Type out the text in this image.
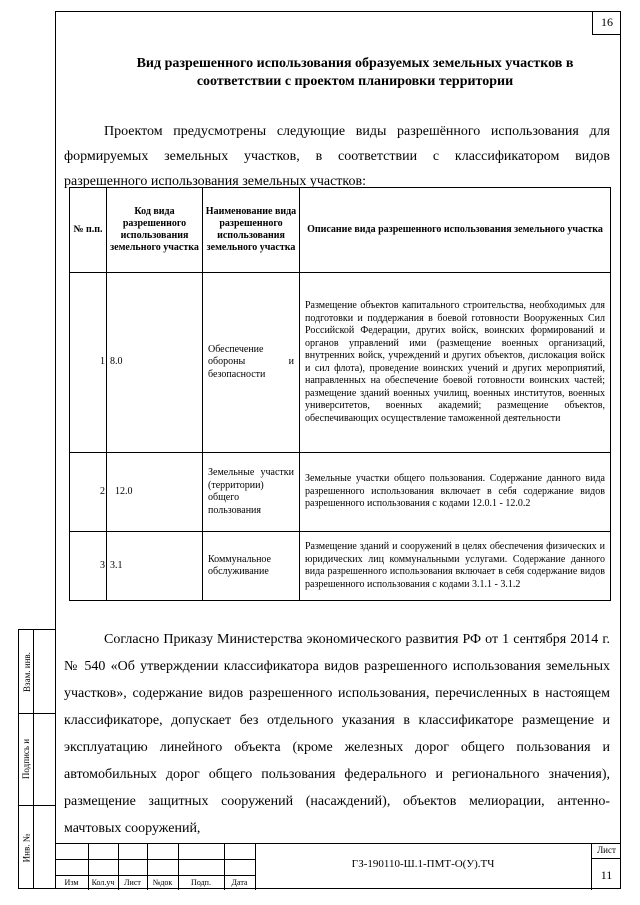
16
Вид разрешенного использования образуемых земельных участков в соответствии с проектом планировки территории

Проектом предусмотрены следующие виды разрешённого использования для формируемых земельных участков, в соответствии с классификатором видов разрешенного использования земельных участков:

№ п.п.	Код вида разрешенного использования земельного участка	Наименование вида разрешенного использования земельного участка	Описание вида разрешенного использования земельного участка
1	8.0	Обеспечение обороны и безопасности	Размещение объектов капитального строительства, необходимых для подготовки и поддержания в боевой готовности Вооруженных Сил Российской Федерации, других войск, воинских формирований и органов управлений ими (размещение военных организаций, внутренних войск, учреждений и других объектов, дислокация войск и сил флота), проведение воинских учений и других мероприятий, направленных на обеспечение боевой готовности воинских частей; размещение зданий военных училищ, военных институтов, военных университетов, военных академий; размещение объектов, обеспечивающих осуществление таможенной деятельности
2	12.0	Земельные участки (территории) общего пользования	Земельные участки общего пользования. Содержание данного вида разрешенного использования включает в себя содержание видов разрешенного использования с кодами 12.0.1 - 12.0.2
3	3.1	Коммунальное обслуживание	Размещение зданий и сооружений в целях обеспечения физических и юридических лиц коммунальными услугами. Содержание данного вида разрешенного использования включает в себя содержание видов разрешенного использования с кодами 3.1.1 - 3.1.2

Согласно Приказу Министерства экономического развития РФ от 1 сентября 2014 г. № 540 «Об утверждении классификатора видов разрешенного использования земельных участков», содержание видов разрешенного использования, перечисленных в настоящем классификаторе, допускает без отдельного указания в классификаторе размещение и эксплуатацию линейного объекта (кроме железных дорог общего пользования и автомобильных дорог общего пользования федерального и регионального значения), размещение защитных сооружений (насаждений), объектов мелиорации, антенно-мачтовых сооружений,

Взам. инв.
Подпись и
Инв. №
Изм	Кол.уч	Лист	№док	Подп.	Дата
ГЗ-190110-Ш.1-ПМТ-О(У).ТЧ
Лист
11
